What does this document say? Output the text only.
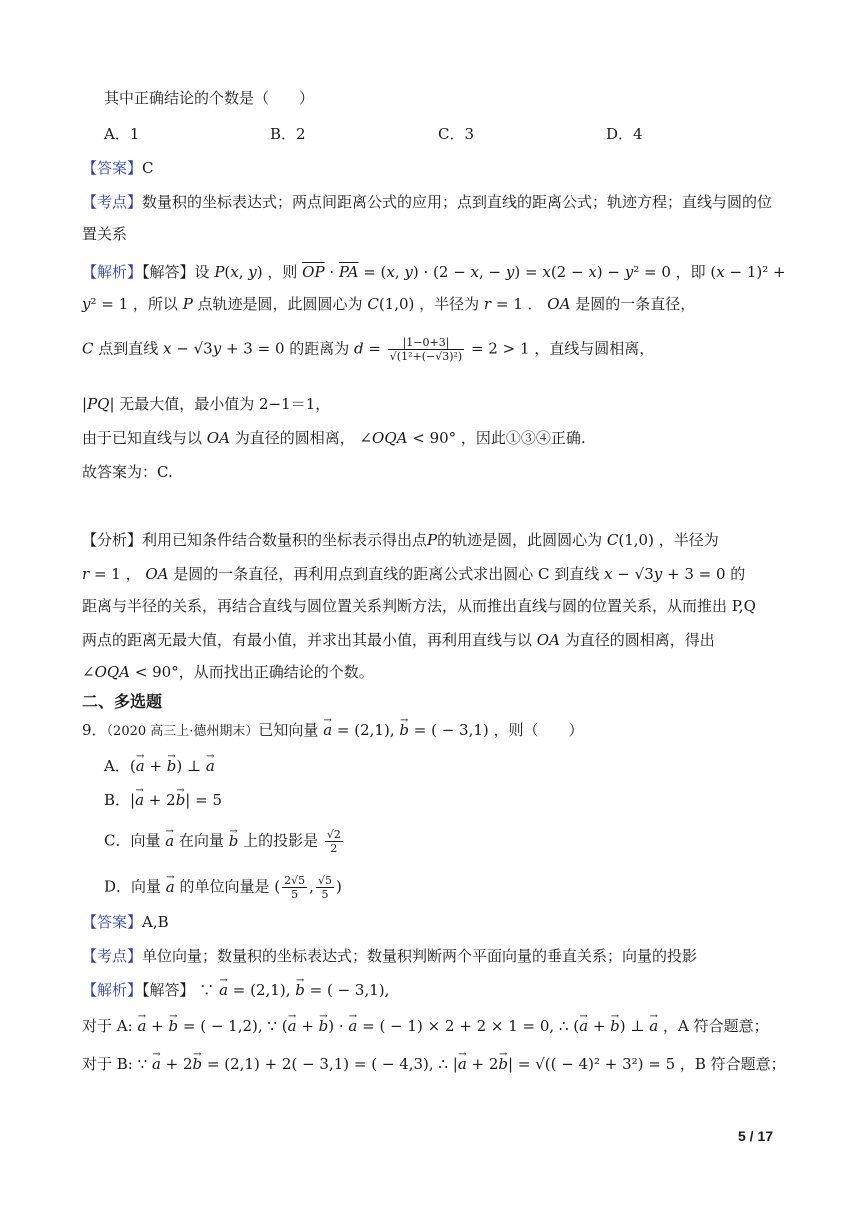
其中正确结论的个数是（　　）
A．1	B．2	C．3	D．4
【答案】C
【考点】数量积的坐标表达式；两点间距离公式的应用；点到直线的距离公式；轨迹方程；直线与圆的位
置关系
【解析】【解答】设 P(x, y) ，则 $\overline{OP} \cdot \overline{PA} = (x$, y) · (2 − x, − y) = x(2 − x) − y² = 0 ，即 (x − 1)² +
y² = 1 ，所以 P 点轨迹是圆，此圆圆心为 C(1,0) ，半径为 r = 1 ． OA 是圆的一条直径，
C 点到直线 x − √3y + 3 = 0 的距离为 $d = \frac{|1-0+3|}{\text{√(1²+(−√3)²)}} = 2 > 1$ ，直线与圆相离，
|PQ| 无最大值，最小值为 2−1＝1，
由于已知直线与以 OA 为直径的圆相离， ∠OQA < 90° ，因此①③④正确.
故答案为：C.
【分析】利用已知条件结合数量积的坐标表示得出点P的轨迹是圆，此圆圆心为 C(1,0) ，半径为
r = 1 ， OA 是圆的一条直径，再利用点到直线的距离公式求出圆心 C 到直线 x − √3y + 3 = 0 的
距离与半径的关系，再结合直线与圆位置关系判断方法，从而推出直线与圆的位置关系，从而推出 P,Q
两点的距离无最大值，有最小值，并求出其最小值，再利用直线与以 OA 为直径的圆相离，得出
∠OQA < 90°，从而找出正确结论的个数。
二、多选题
9．（2020 高三上·德州期末）已知向量 → a = (2,1), → b = ( − 3,1) ，则（　　）
A．(→ a + → b) ⊥ → a
B．|→ a + 2→ b| = 5
C．向量 → a 在向量 → b 上的投影是 $\frac{√2}{2}$
D．向量 → a 的单位向量是 ( $\frac{2√5}{5}$ , $\frac{√5}{5}$ )
【答案】A,B
【考点】单位向量；数量积的坐标表达式；数量积判断两个平面向量的垂直关系；向量的投影
【解析】【解答】 ∵ → a = (2,1), → b = ( − 3,1),
对于 A: → a + → b = ( − 1,2), ∵ (→ a + → b) · → a = ( − 1) × 2 + 2 × 1 = 0, ∴ (→ a + → b) ⊥ → a ，A 符合题意；
对于 B: ∵ → a + 2→ b = (2,1) + 2( − 3,1) = ( − 4,3), ∴ |→ a + 2→ b| = √(( − 4)² + 3²) = 5 ，B 符合题意；
5 / 17
